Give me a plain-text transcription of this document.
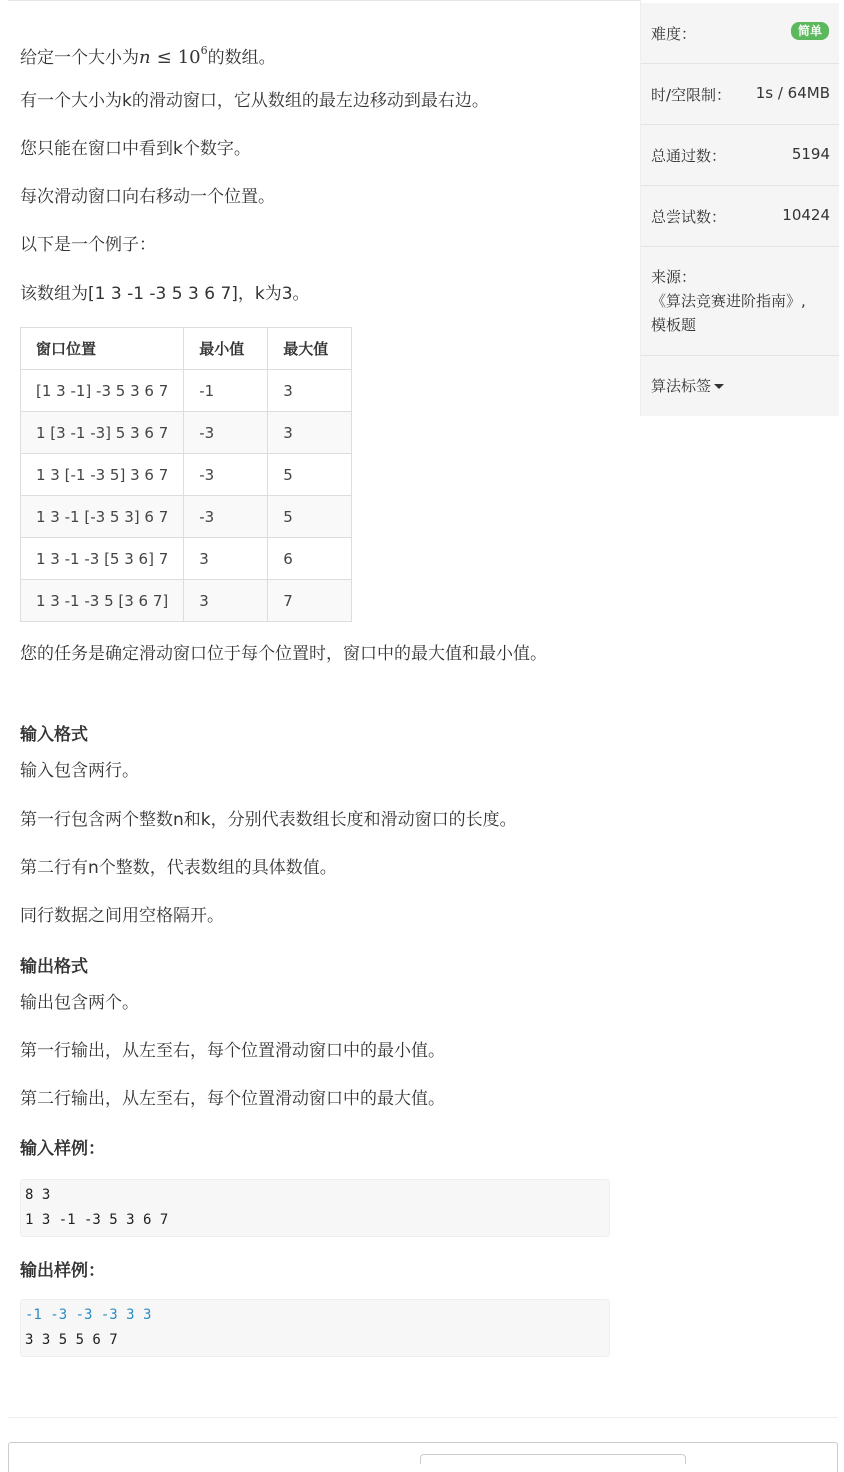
给定一个大小为$n \le 10^6$的数组。

有一个大小为k的滑动窗口，它从数组的最左边移动到最右边。

您只能在窗口中看到k个数字。

每次滑动窗口向右移动一个位置。

以下是一个例子：

该数组为[1 3 -1 -3 5 3 6 7]，k为3。

窗口位置	最小值	最大值
[1 3 -1] -3 5 3 6 7	-1	3
1 [3 -1 -3] 5 3 6 7	-3	3
1 3 [-1 -3 5] 3 6 7	-3	5
1 3 -1 [-3 5 3] 6 7	-3	5
1 3 -1 -3 [5 3 6] 7	3	6
1 3 -1 -3 5 [3 6 7]	3	7

您的任务是确定滑动窗口位于每个位置时，窗口中的最大值和最小值。

输入格式

输入包含两行。

第一行包含两个整数n和k，分别代表数组长度和滑动窗口的长度。

第二行有n个整数，代表数组的具体数值。

同行数据之间用空格隔开。

输出格式

输出包含两个。

第一行输出，从左至右，每个位置滑动窗口中的最小值。

第二行输出，从左至右，每个位置滑动窗口中的最大值。

输入样例：
8 3
1 3 -1 -3 5 3 6 7
输出样例：
-1 -3 -3 -3 3 3
3 3 5 5 6 7
难度：	简单
时/空限制： 1s / 64MB
总通过数：	5194
总尝试数：	10424
来源：
《算法竞赛进阶指南》,
模板题
算法标签
